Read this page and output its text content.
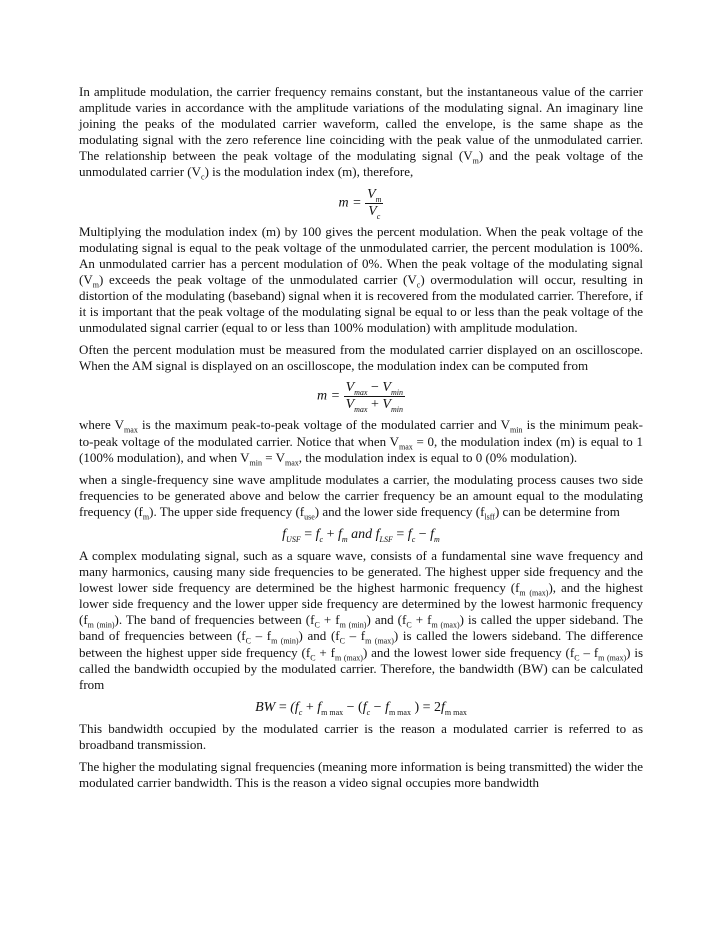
In amplitude modulation, the carrier frequency remains constant, but the instantaneous value of the carrier amplitude varies in accordance with the amplitude variations of the modulating signal. An imaginary line joining the peaks of the modulated carrier waveform, called the envelope, is the same shape as the modulating signal with the zero reference line coinciding with the peak value of the unmodulated carrier. The relationship between the peak voltage of the modulating signal $(V_m)$ and the peak voltage of the unmodulated carrier $(V_c)$ is the modulation index (m), therefore,

$m = \frac{V_m}{V_c}$

Multiplying the modulation index (m) by 100 gives the percent modulation. When the peak voltage of the modulating signal is equal to the peak voltage of the unmodulated carrier, the percent modulation is 100%. An unmodulated carrier has a percent modulation of 0%. When the peak voltage of the modulating signal $(V_m)$ exceeds the peak voltage of the unmodulated carrier $(V_c)$ overmodulation will occur, resulting in distortion of the modulating (baseband) signal when it is recovered from the modulated carrier. Therefore, if it is important that the peak voltage of the modulating signal be equal to or less than the peak voltage of the unmodulated signal carrier (equal to or less than 100% modulation) with amplitude modulation.

Often the percent modulation must be measured from the modulated carrier displayed on an oscilloscope. When the AM signal is displayed on an oscilloscope, the modulation index can be computed from

$m = \frac{V_{max} - V_{min}}{V_{max} + V_{min}}$

where $V_{max}$ is the maximum peak-to-peak voltage of the modulated carrier and $V_{min}$ is the minimum peak-to-peak voltage of the modulated carrier. Notice that when $V_{max} = 0$, the modulation index (m) is equal to 1 (100% modulation), and when $V_{min} = V_{max}$, the modulation index is equal to 0 (0% modulation).

when a single-frequency sine wave amplitude modulates a carrier, the modulating process causes two side frequencies to be generated above and below the carrier frequency be an amount equal to the modulating frequency $(f_m)$. The upper side frequency $(f_{use})$ and the lower side frequency $(f_{lsff})$ can be determine from

$f_{USF} = f_c + f_m$ and $f_{LSF} = f_c - f_m$

A complex modulating signal, such as a square wave, consists of a fundamental sine wave frequency and many harmonics, causing many side frequencies to be generated. The highest upper side frequency and the lowest lower side frequency are determined be the highest harmonic frequency $(f_{m (max)})$, and the highest lower side frequency and the lower upper side frequency are determined by the lowest harmonic frequency $(f_{m (min)})$. The band of frequencies between $(f_C + f_{m (min)})$ and $(f_C + f_{m (max)})$ is called the upper sideband. The band of frequencies between $(f_C - f_{m (min)})$ and $(f_C - f_{m (max)})$ is called the lowers sideband. The difference between the highest upper side frequency $(f_C + f_{m (max)})$ and the lowest lower side frequency $(f_C - f_{m (max)})$ is called the bandwidth occupied by the modulated carrier. Therefore, the bandwidth (BW) can be calculated from

BW = ($f_c + f_{m max} - (f_c - f_{m max}$ ) = $2f_{m max}$

This bandwidth occupied by the modulated carrier is the reason a modulated carrier is referred to as broadband transmission.

The higher the modulating signal frequencies (meaning more information is being transmitted) the wider the modulated carrier bandwidth. This is the reason a video signal occupies more bandwidth
